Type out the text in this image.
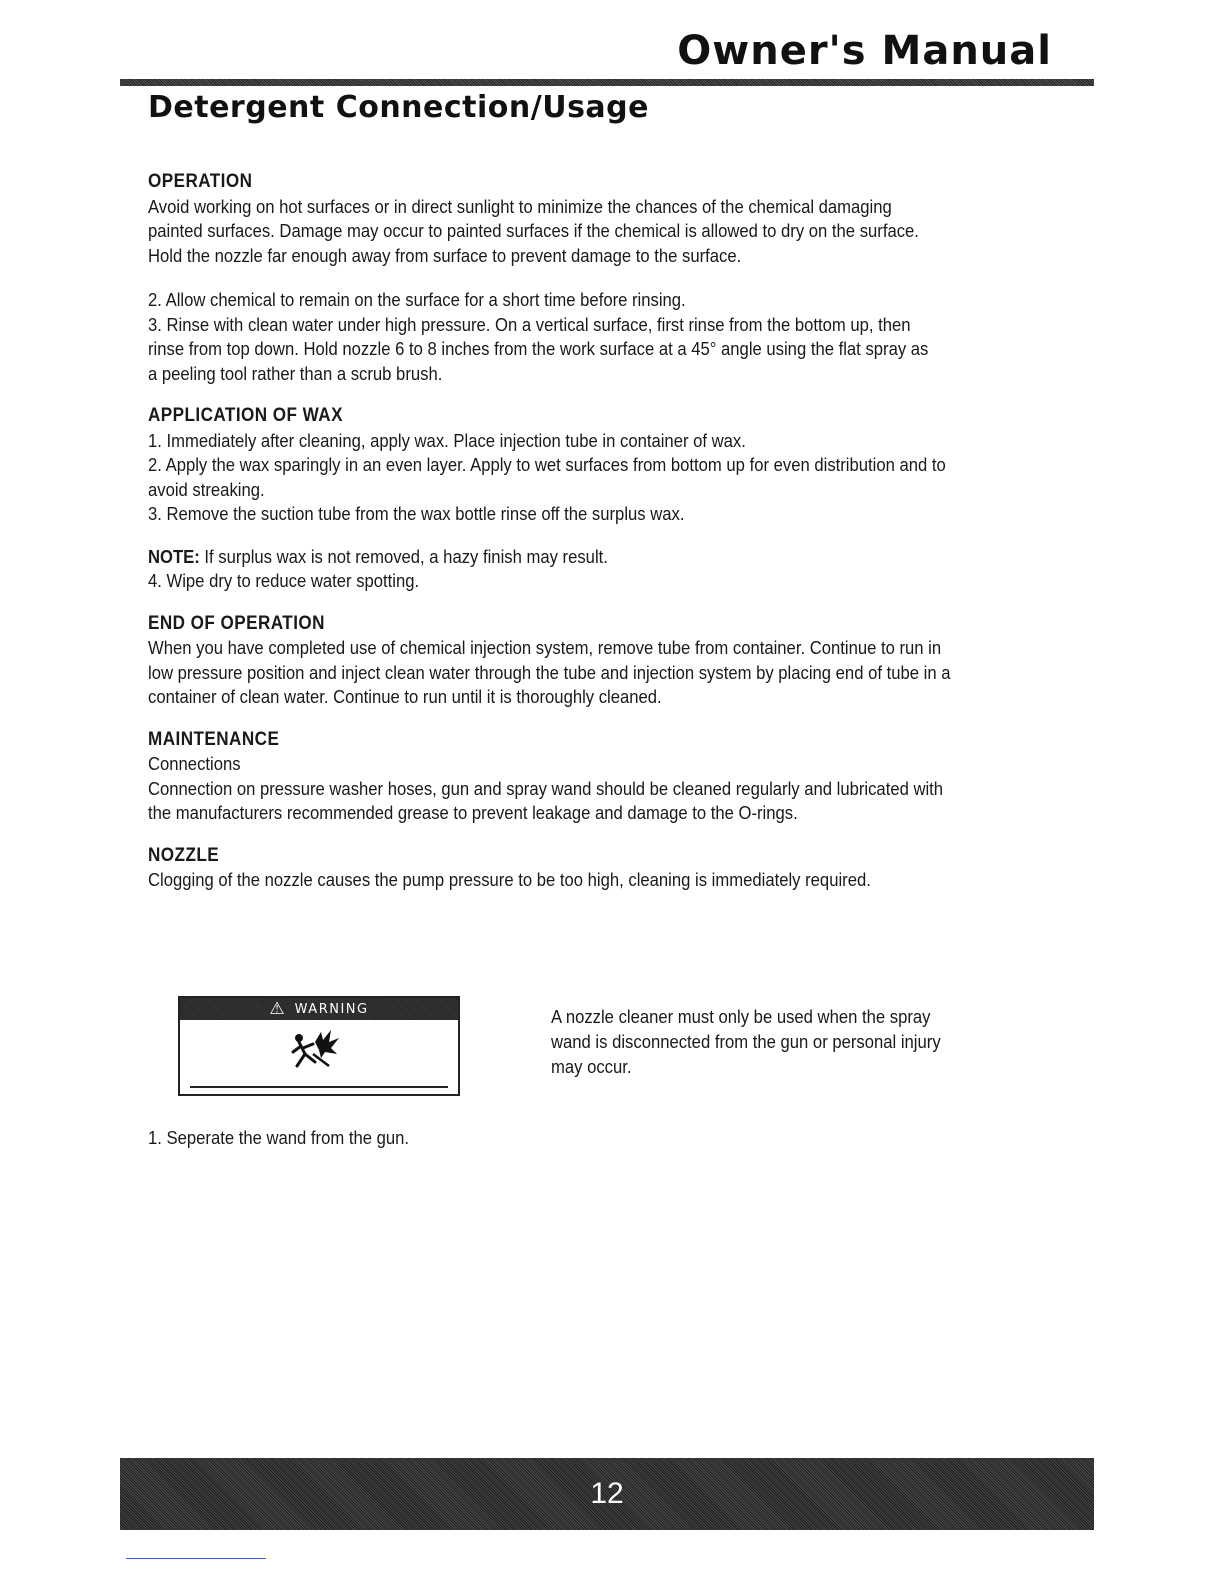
Owner's Manual
Detergent Connection/Usage
OPERATION

Avoid working on hot surfaces or in direct sunlight to minimize the chances of the chemical damaging

painted surfaces. Damage may occur to painted surfaces if the chemical is allowed to dry on the surface.

Hold the nozzle far enough away from surface to prevent damage to the surface.

2. Allow chemical to remain on the surface for a short time before rinsing.

3. Rinse with clean water under high pressure. On a vertical surface, first rinse from the bottom up, then

rinse from top down. Hold nozzle 6 to 8 inches from the work surface at a 45° angle using the flat spray as

a peeling tool rather than a scrub brush.

APPLICATION OF WAX

1. Immediately after cleaning, apply wax. Place injection tube in container of wax.

2. Apply the wax sparingly in an even layer. Apply to wet surfaces from bottom up for even distribution and to

avoid streaking.

3. Remove the suction tube from the wax bottle rinse off the surplus wax.

NOTE: If surplus wax is not removed, a hazy finish may result.

4. Wipe dry to reduce water spotting.

END OF OPERATION

When you have completed use of chemical injection system, remove tube from container. Continue to run in

low pressure position and inject clean water through the tube and injection system by placing end of tube in a

container of clean water. Continue to run until it is thoroughly cleaned.

MAINTENANCE

Connections

Connection on pressure washer hoses, gun and spray wand should be cleaned regularly and lubricated with

the manufacturers recommended grease to prevent leakage and damage to the O-rings.

NOZZLE

Clogging of the nozzle causes the pump pressure to be too high, cleaning is immediately required.

⚠ WARNING	A nozzle cleaner must only be used when the spray
wand is disconnected from the gun or personal injury
may occur.
1. Seperate the wand from the gun.
12
